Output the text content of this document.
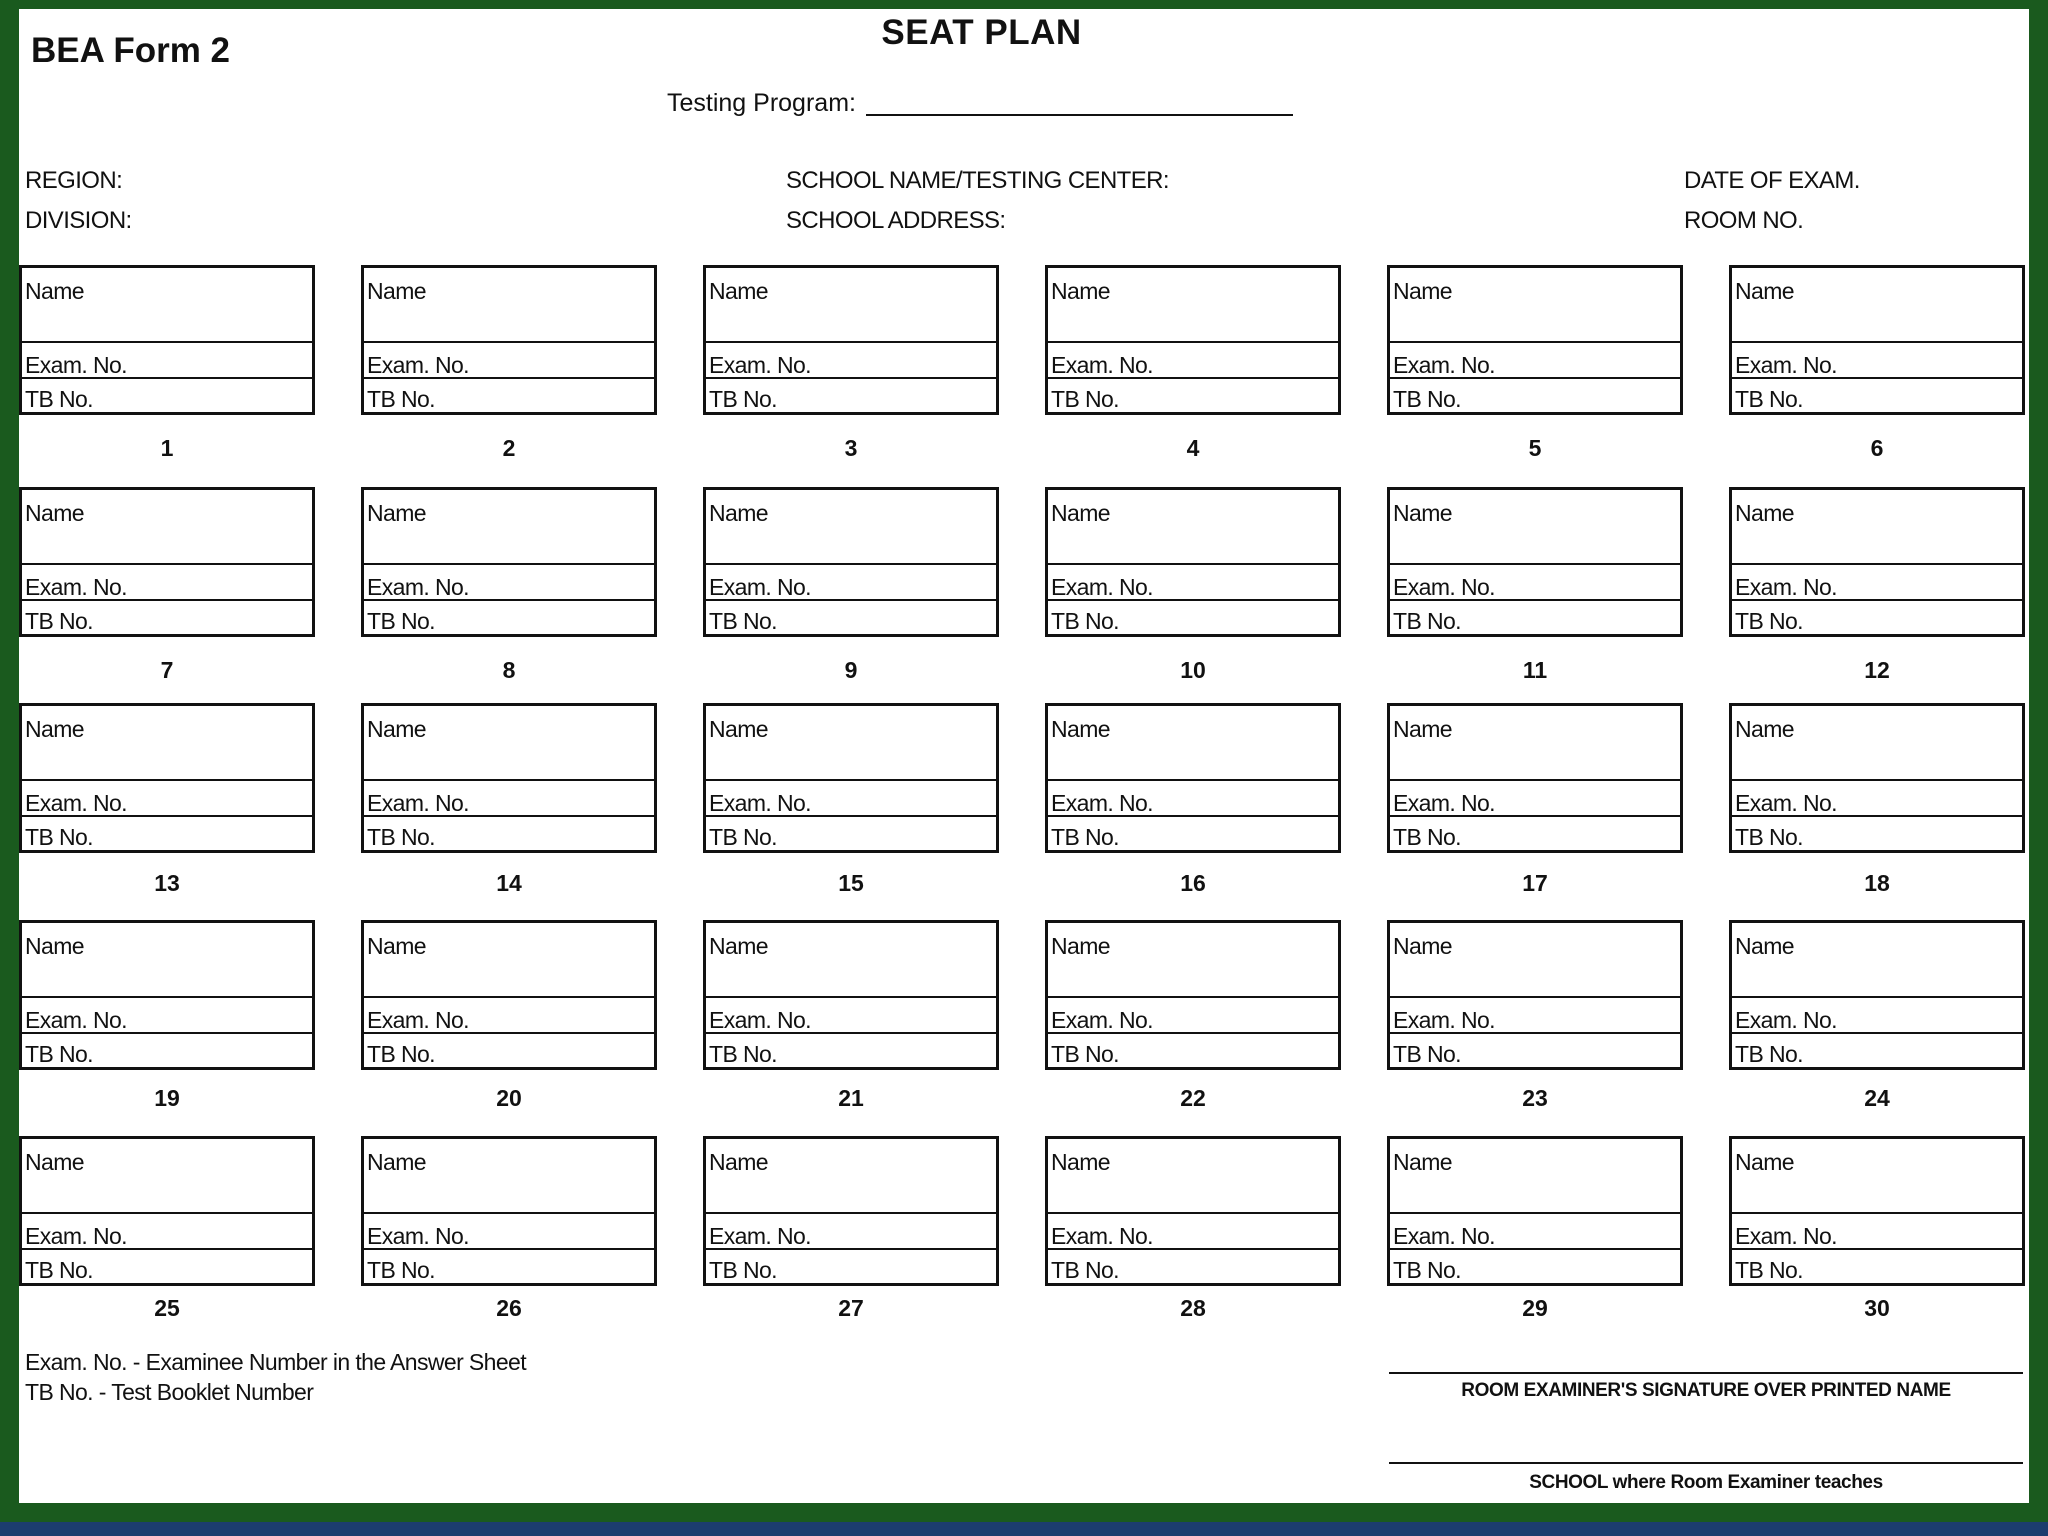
BEA Form 2	SEAT PLAN
Testing Program:
REGION:
DIVISION:
SCHOOL NAME/TESTING CENTER:
SCHOOL ADDRESS:
DATE OF EXAM.
ROOM NO.
Name
Exam. No.
TB No.
1
Name
Exam. No.
TB No.
2
Name
Exam. No.
TB No.
3
Name
Exam. No.
TB No.
4
Name
Exam. No.
TB No.
5
Name
Exam. No.
TB No.
6
Name
Exam. No.
TB No.
7
Name
Exam. No.
TB No.
8
Name
Exam. No.
TB No.
9
Name
Exam. No.
TB No.
10
Name
Exam. No.
TB No.
11
Name
Exam. No.
TB No.
12
Name
Exam. No.
TB No.
13
Name
Exam. No.
TB No.
14
Name
Exam. No.
TB No.
15
Name
Exam. No.
TB No.
16
Name
Exam. No.
TB No.
17
Name
Exam. No.
TB No.
18
Name
Exam. No.
TB No.
19
Name
Exam. No.
TB No.
20
Name
Exam. No.
TB No.
21
Name
Exam. No.
TB No.
22
Name
Exam. No.
TB No.
23
Name
Exam. No.
TB No.
24
Name
Exam. No.
TB No.
25
Name
Exam. No.
TB No.
26
Name
Exam. No.
TB No.
27
Name
Exam. No.
TB No.
28
Name
Exam. No.
TB No.
29
Name
Exam. No.
TB No.
30
Exam. No. - Examinee Number in the Answer Sheet
TB No. - Test Booklet Number	ROOM EXAMINER'S SIGNATURE OVER PRINTED NAME
SCHOOL where Room Examiner teaches
